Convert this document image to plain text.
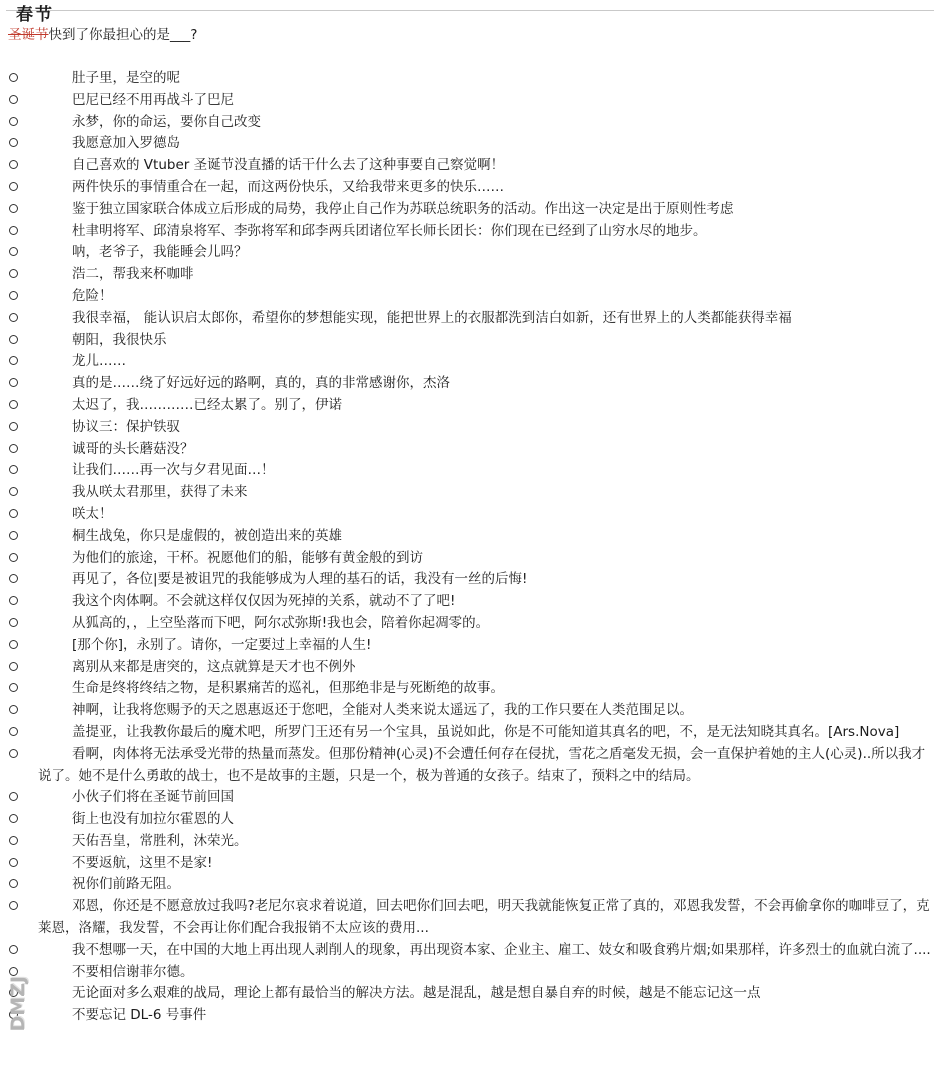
春节
圣诞节快到了你最担心的是___?
肚子里，是空的呢
巴尼已经不用再战斗了巴尼
永梦，你的命运，要你自己改变
我愿意加入罗德岛
自己喜欢的 Vtuber 圣诞节没直播的话干什么去了这种事要自己察觉啊！
两件快乐的事情重合在一起，而这两份快乐，又给我带来更多的快乐……
鉴于独立国家联合体成立后形成的局势，我停止自己作为苏联总统职务的活动。作出这一决定是出于原则性考虑
杜聿明将军、邱清泉将军、李弥将军和邱李两兵团诸位军长师长团长：你们现在已经到了山穷水尽的地步。
呐，老爷子，我能睡会儿吗？
浩二，帮我来杯咖啡
危险！
我很幸福， 能认识启太郎你，希望你的梦想能实现，能把世界上的衣服都洗到洁白如新，还有世界上的人类都能获得幸福
朝阳，我很快乐
龙儿……
真的是……绕了好远好远的路啊，真的，真的非常感谢你，杰洛
太迟了，我…………已经太累了。别了，伊诺
协议三：保护铁驭
诚哥的头长蘑菇没？
让我们……再一次与夕君见面…！
我从咲太君那里，获得了未来
咲太！
桐生战兔，你只是虚假的，被创造出来的英雄
为他们的旅途，干杯。祝愿他们的船，能够有黄金般的到访
再见了，各位|要是被诅咒的我能够成为人理的基石的话，我没有一丝的后悔!
我这个肉体啊。不会就这样仅仅因为死掉的关系，就动不了了吧!
从狐高的，，上空坠落而下吧，阿尔忒弥斯!我也会，陪着你起凋零的。
[那个你]，永别了。请你，一定要过上幸福的人生!
离别从来都是唐突的，这点就算是天才也不例外
生命是终将终结之物，是积累痛苦的巡礼，但那绝非是与死断绝的故事。
神啊，让我将您赐予的天之恩惠返还于您吧，全能对人类来说太遥远了，我的工作只要在人类范围足以。
盖提亚，让我教你最后的魔术吧，所罗门王还有另一个宝具，虽说如此，你是不可能知道其真名的吧，不，是无法知晓其真名。[Ars.Nova]
看啊，肉体将无法承受光带的热量而蒸发。但那份精神(心灵)不会遭任何存在侵扰，雪花之盾毫发无损，会一直保护着她的主人(心灵)..所以我才说了。她不是什么勇敢的战士，也不是故事的主题，只是一个，极为普通的女孩子。结束了，预料之中的结局。
小伙子们将在圣诞节前回国
街上也没有加拉尔霍恩的人
天佑吾皇，常胜利，沐荣光。
不要返航，这里不是家!
祝你们前路无阻。
邓恩，你还是不愿意放过我吗?老尼尔哀求着说道，回去吧你们回去吧，明天我就能恢复正常了真的，邓恩我发誓，不会再偷拿你的咖啡豆了，克莱恩，洛耀，我发誓，不会再让你们配合我报销不太应该的费用...
我不想哪一天，在中国的大地上再出现人剥削人的现象，再出现资本家、企业主、雇工、妓女和吸食鸦片烟;如果那样，许多烈士的血就白流了....
不要相信谢菲尔德。
无论面对多么艰难的战局，理论上都有最恰当的解决方法。越是混乱，越是想自暴自弃的时候，越是不能忘记这一点
不要忘记 DL-6 号事件
DMZJ
